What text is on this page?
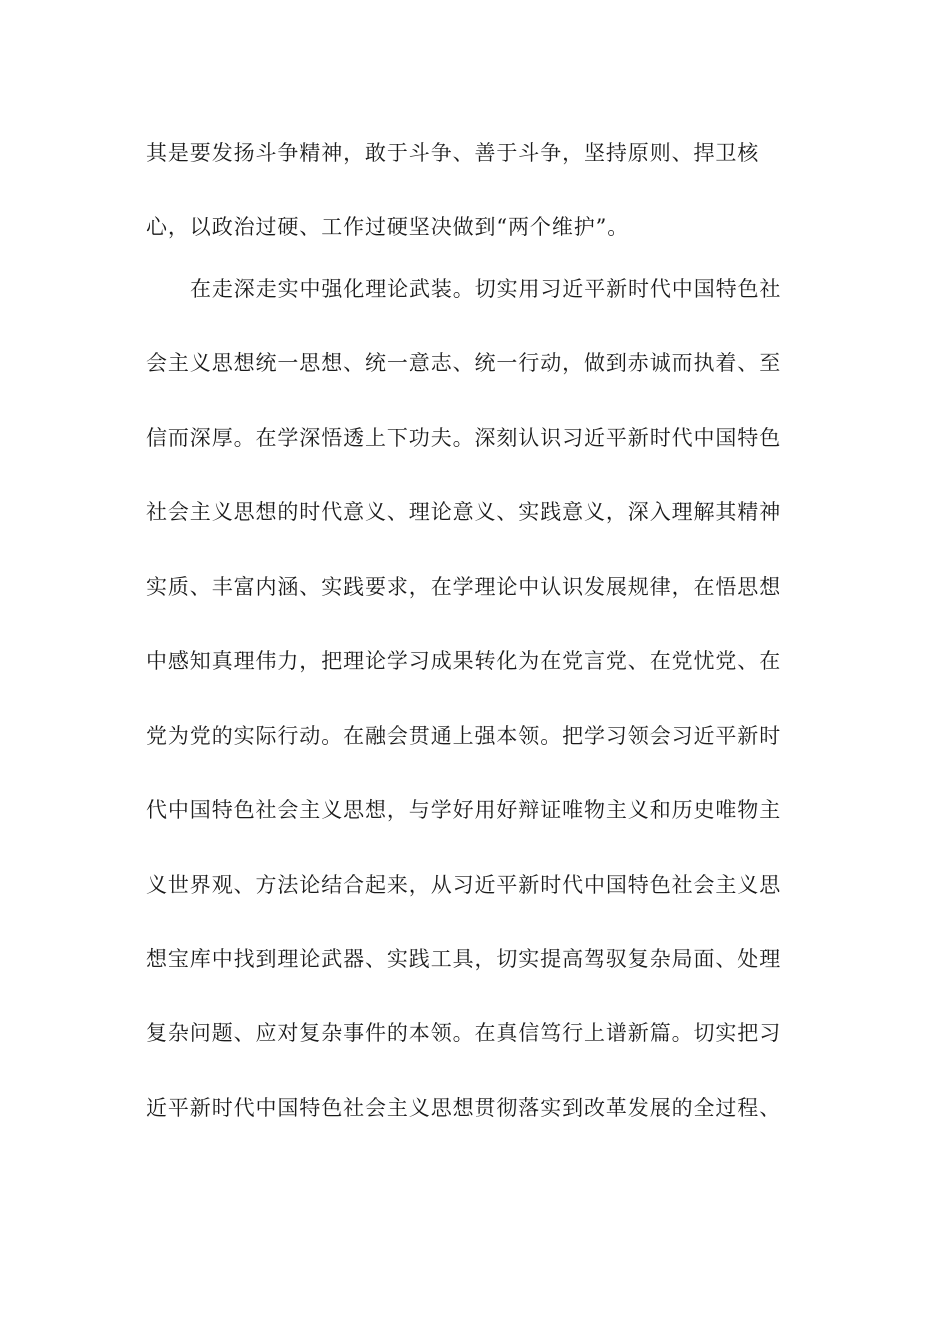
其是要发扬斗争精神，敢于斗争、善于斗争，坚持原则、捍卫核
心，以政治过硬、工作过硬坚决做到“两个维护”。
在走深走实中强化理论武装。切实用习近平新时代中国特色社
会主义思想统一思想、统一意志、统一行动，做到赤诚而执着、至
信而深厚。在学深悟透上下功夫。深刻认识习近平新时代中国特色
社会主义思想的时代意义、理论意义、实践意义，深入理解其精神
实质、丰富内涵、实践要求，在学理论中认识发展规律，在悟思想
中感知真理伟力，把理论学习成果转化为在党言党、在党忧党、在
党为党的实际行动。在融会贯通上强本领。把学习领会习近平新时
代中国特色社会主义思想，与学好用好辩证唯物主义和历史唯物主
义世界观、方法论结合起来，从习近平新时代中国特色社会主义思
想宝库中找到理论武器、实践工具，切实提高驾驭复杂局面、处理
复杂问题、应对复杂事件的本领。在真信笃行上谱新篇。切实把习
近平新时代中国特色社会主义思想贯彻落实到改革发展的全过程、
